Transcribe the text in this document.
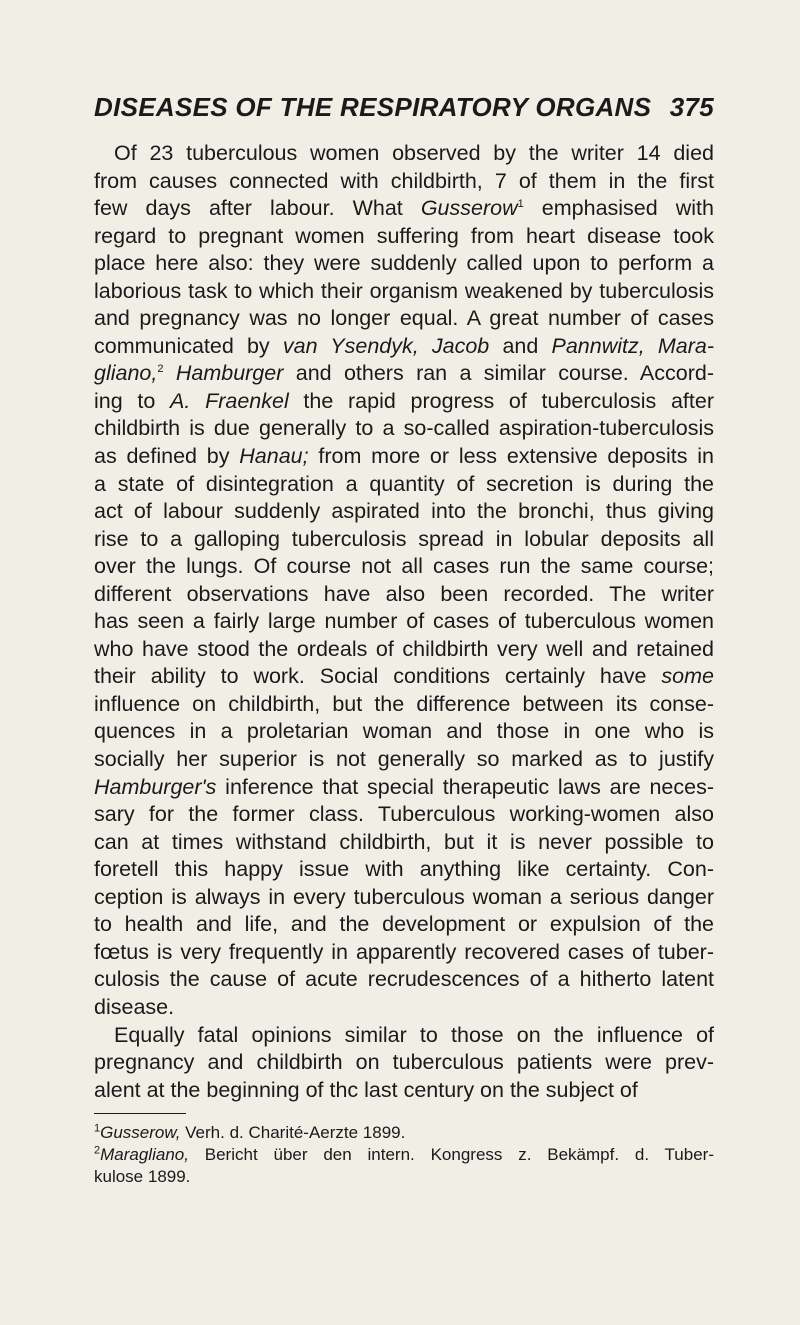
DISEASES OF THE RESPIRATORY ORGANS 375
Of 23 tuberculous women observed by the writer 14 died
from causes connected with childbirth, 7 of them in the first
few days after labour. What Gusserow$^1$ emphasised with
regard to pregnant women suffering from heart disease took
place here also: they were suddenly called upon to perform a
laborious task to which their organism weakened by tuberculosis
and pregnancy was no longer equal. A great number of cases
communicated by van Ysendyk, Jacob and Pannwitz, Mara-
gliano,$^2$ Hamburger and others ran a similar course. Accord-
ing to A. Fraenkel the rapid progress of tuberculosis after
childbirth is due generally to a so-called aspiration-tuberculosis
as defined by Hanau; from more or less extensive deposits in
a state of disintegration a quantity of secretion is during the
act of labour suddenly aspirated into the bronchi, thus giving
rise to a galloping tuberculosis spread in lobular deposits all
over the lungs. Of course not all cases run the same course;
different observations have also been recorded. The writer
has seen a fairly large number of cases of tuberculous women
who have stood the ordeals of childbirth very well and retained
their ability to work. Social conditions certainly have some
influence on childbirth, but the difference between its conse-
quences in a proletarian woman and those in one who is
socially her superior is not generally so marked as to justify
Hamburger's inference that special therapeutic laws are neces-
sary for the former class. Tuberculous working-women also
can at times withstand childbirth, but it is never possible to
foretell this happy issue with anything like certainty. Con-
ception is always in every tuberculous woman a serious danger
to health and life, and the development or expulsion of the
fœtus is very frequently in apparently recovered cases of tuber-
culosis the cause of acute recrudescences of a hitherto latent
disease.
Equally fatal opinions similar to those on the influence of
pregnancy and childbirth on tuberculous patients were prev-
alent at the beginning of thc last century on the subject of
$^1$Gusserow, Verh. d. Charité-Aerzte 1899.
$^2$Maragliano, Bericht über den intern. Kongress z. Bekämpf. d. Tuber-
kulose 1899.
